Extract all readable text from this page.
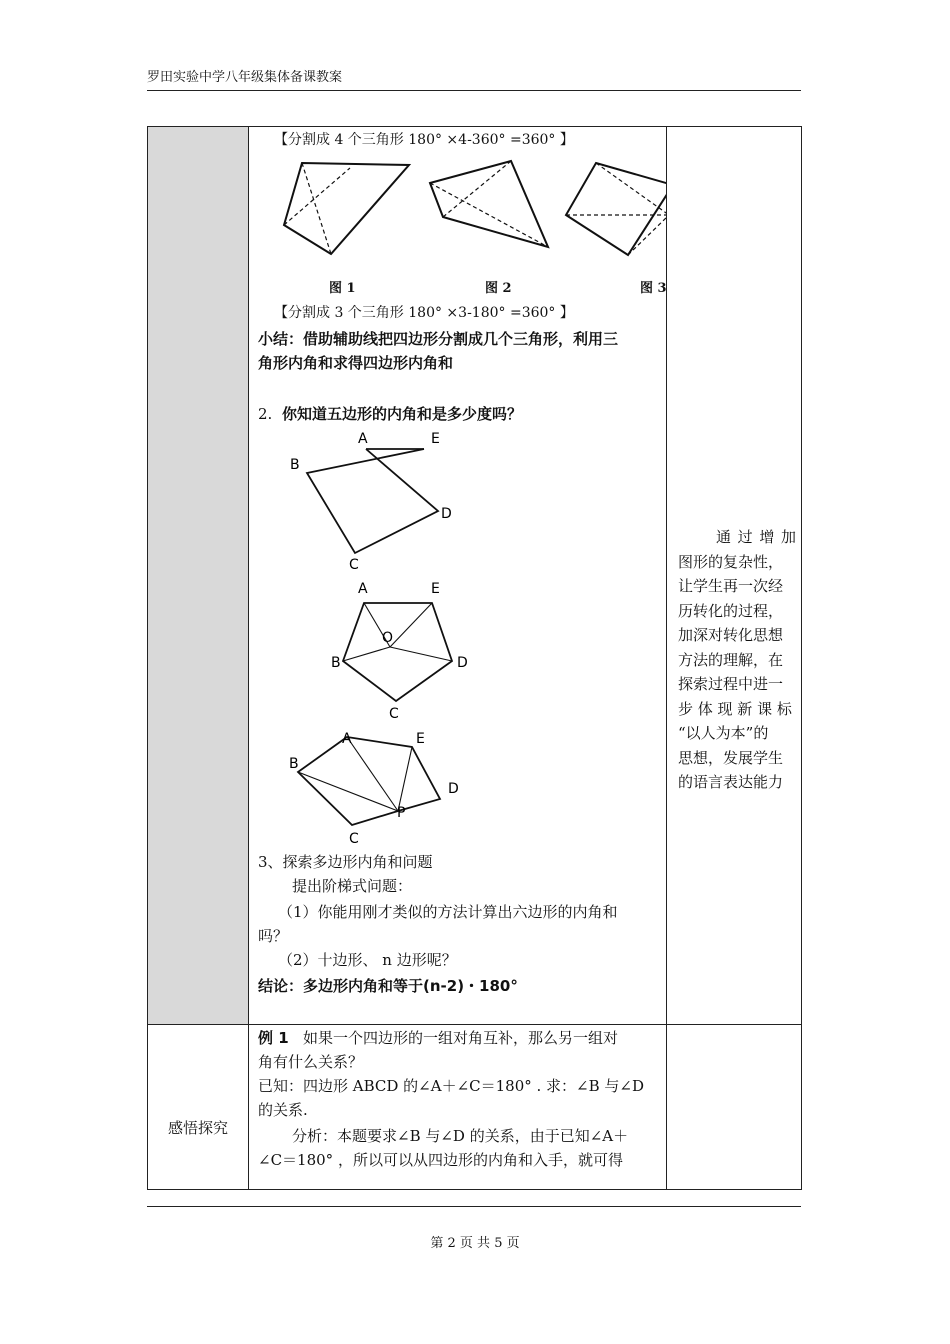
罗田实验中学八年级集体备课教案
【分割成 4 个三角形 180° ×4-360° =360° 】
图 1	图 2	图 3
【分割成 3 个三角形 180° ×3-180° =360° 】
小结：借助辅助线把四边形分割成几个三角形，利用三
角形内角和求得四边形内角和
2. 你知道五边形的内角和是多少度吗？
A	E
B
D
C
A	E
O
B	D
C
A	E
B
D
P
C
3、探索多边形内角和问题
提出阶梯式问题：
（1）你能用刚才类似的方法计算出六边形的内角和
吗？
（2）十边形、 n 边形呢？
结论：多边形内角和等于(n-2)・180°
通 过 增 加
图形的复杂性，
让学生再一次经
历转化的过程，
加深对转化思想
方法的理解，在
探索过程中进一
步 体 现 新 课 标
“以人为本”的
思想，发展学生
的语言表达能力
感悟探究
例 1 如果一个四边形的一组对角互补，那么另一组对
角有什么关系？
已知：四边形 ABCD 的∠A＋∠C＝180° . 求：∠B 与∠D
的关系.
分析：本题要求∠B 与∠D 的关系，由于已知∠A＋
∠C＝180° ，所以可以从四边形的内角和入手，就可得
第 2 页 共 5 页
